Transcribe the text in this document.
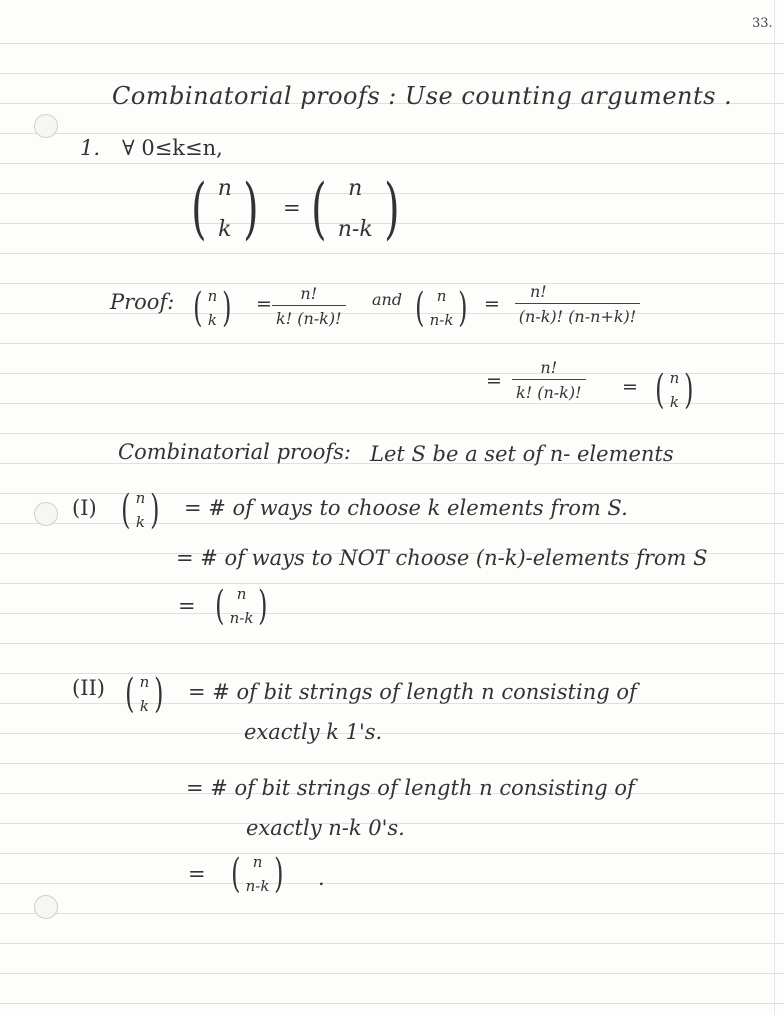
33.
Combinatorial proofs : Use counting arguments .
1. ∀ 0≤k≤n,
( n
k ) = ( n
n-k )
Proof: ( n
k ) = $\frac{n!}{k! (n-k)!}$ and ( n
n-k ) = $\frac{n!}{(n-k)! (n-n+k)!}$
= $\frac{n!}{k! (n-k)!}$ = ( n
k )
Combinatorial proofs: Let S be a set of n- elements
(I) ( n
k ) = # of ways to choose k elements from S.
= # of ways to NOT choose (n-k)-elements from S
= ( n
n-k )
(II) ( n
k ) = # of bit strings of length n consisting of
exactly k 1's.
= # of bit strings of length n consisting of
exactly n-k 0's.
= ( n
n-k ) .
